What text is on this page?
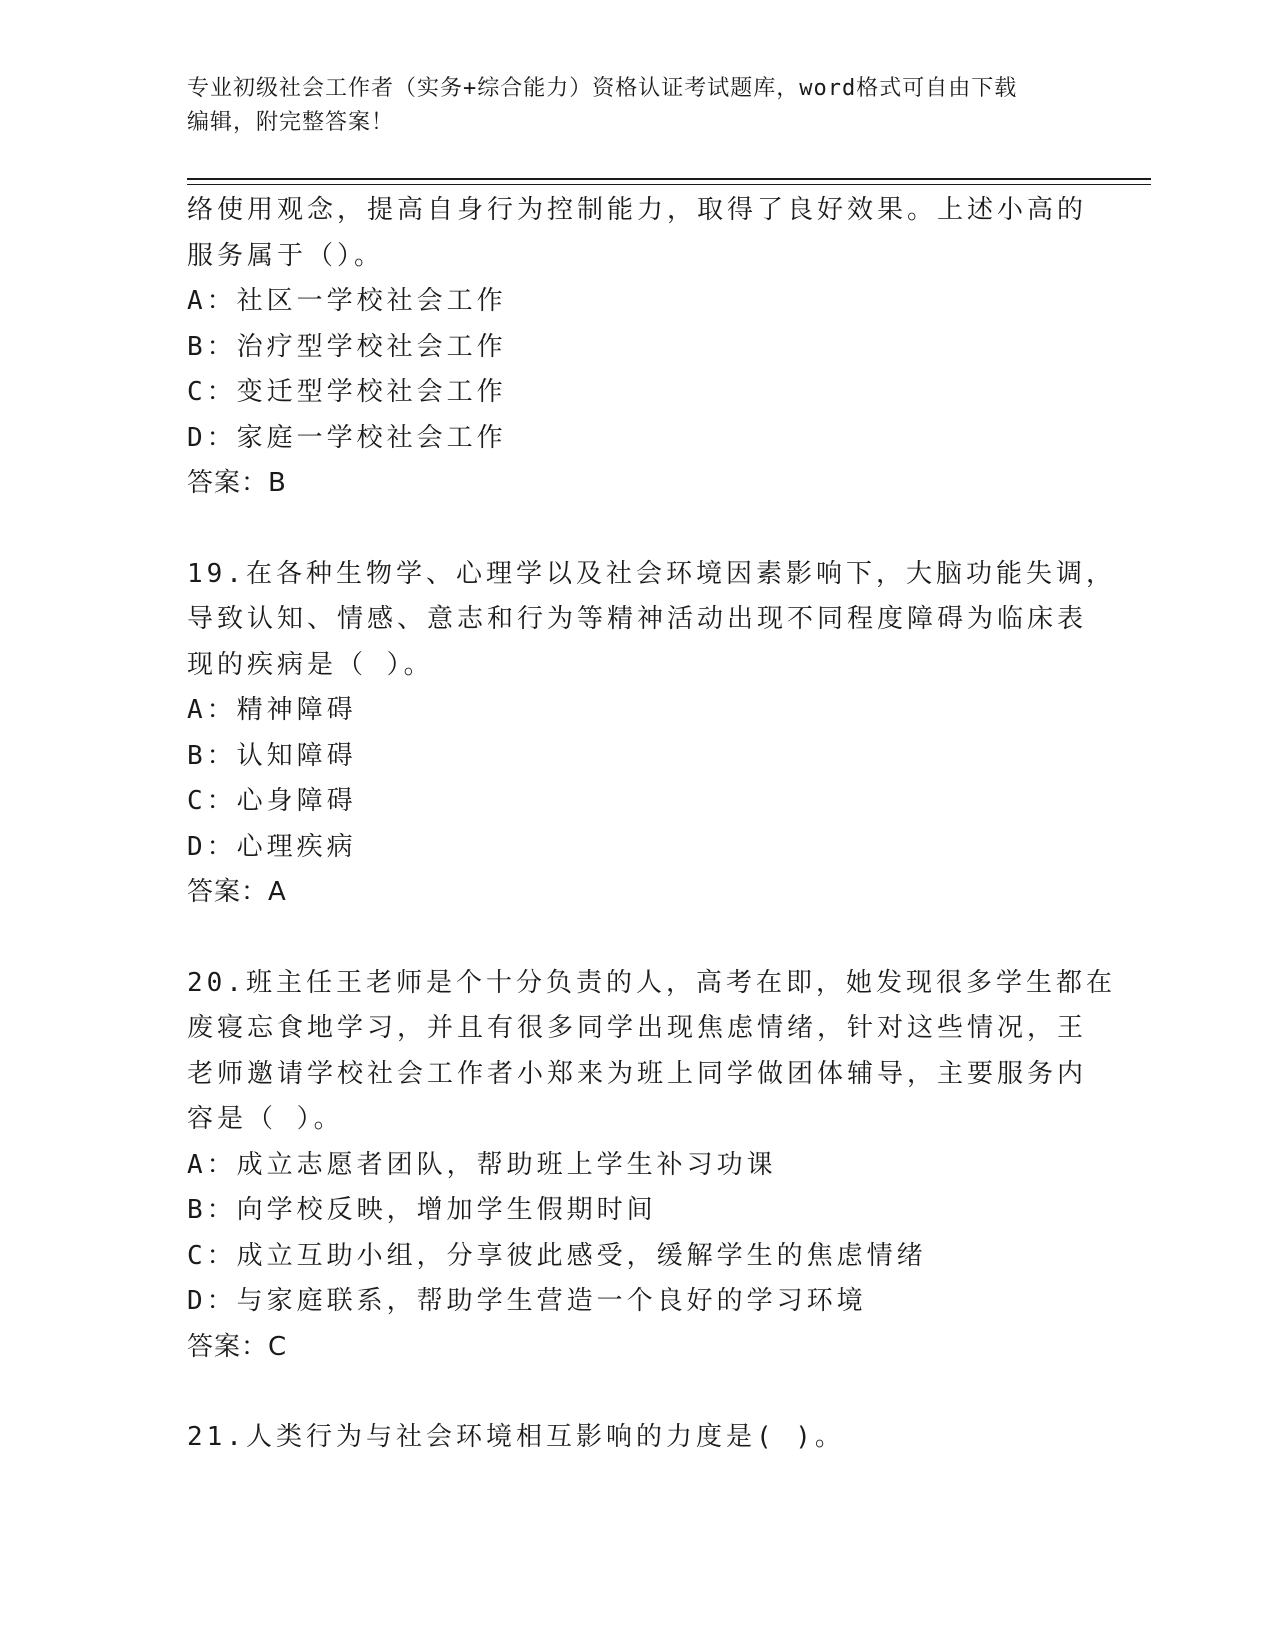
专业初级社会工作者（实务+综合能力）资格认证考试题库，word格式可自由下载
编辑，附完整答案！
络使用观念，提高自身行为控制能力，取得了良好效果。上述小高的
服务属于（）。
A：社区一学校社会工作
B：治疗型学校社会工作
C：变迁型学校社会工作
D：家庭一学校社会工作
答案：B
19.在各种生物学、心理学以及社会环境因素影响下，大脑功能失调，
导致认知、情感、意志和行为等精神活动出现不同程度障碍为临床表
现的疾病是（ ）。
A：精神障碍
B：认知障碍
C：心身障碍
D：心理疾病
答案：A
20.班主任王老师是个十分负责的人，高考在即，她发现很多学生都在
废寝忘食地学习，并且有很多同学出现焦虑情绪，针对这些情况，王
老师邀请学校社会工作者小郑来为班上同学做团体辅导，主要服务内
容是（ ）。
A：成立志愿者团队，帮助班上学生补习功课
B：向学校反映，增加学生假期时间
C：成立互助小组，分享彼此感受，缓解学生的焦虑情绪
D：与家庭联系，帮助学生营造一个良好的学习环境
答案：C
21.人类行为与社会环境相互影响的力度是( )。
